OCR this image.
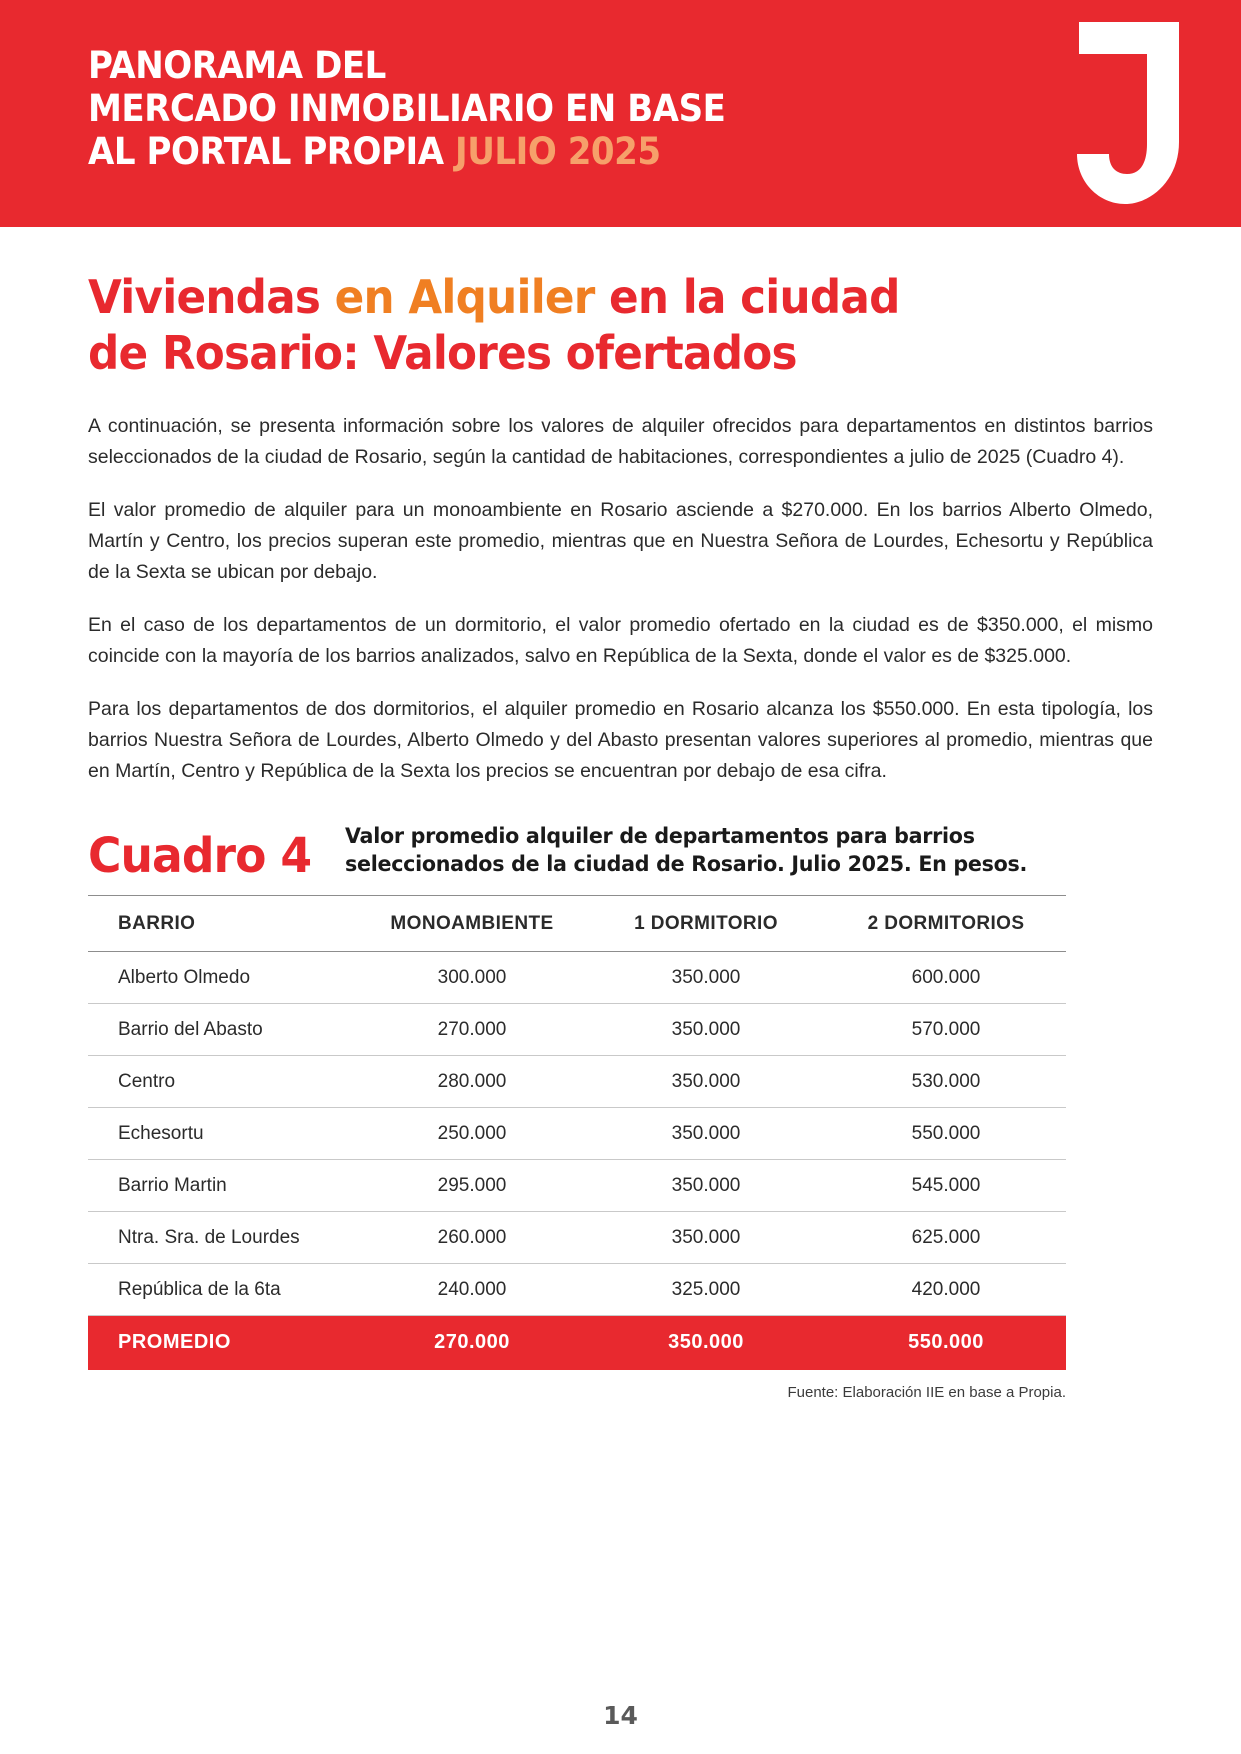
PANORAMA DEL
MERCADO INMOBILIARIO EN BASE
AL PORTAL PROPIA JULIO 2025
Viviendas en Alquiler en la ciudad
de Rosario: Valores ofertados

A continuación, se presenta información sobre los valores de alquiler ofrecidos para departamentos en distintos barrios seleccionados de la ciudad de Rosario, según la cantidad de habitaciones, correspondientes a julio de 2025 (Cuadro 4).

El valor promedio de alquiler para un monoambiente en Rosario asciende a $270.000. En los barrios Alberto Olmedo, Martín y Centro, los precios superan este promedio, mientras que en Nuestra Señora de Lourdes, Echesortu y República de la Sexta se ubican por debajo.

En el caso de los departamentos de un dormitorio, el valor promedio ofertado en la ciudad es de $350.000, el mismo coincide con la mayoría de los barrios analizados, salvo en República de la Sexta, donde el valor es de $325.000.

Para los departamentos de dos dormitorios, el alquiler promedio en Rosario alcanza los $550.000. En esta tipología, los barrios Nuestra Señora de Lourdes, Alberto Olmedo y del Abasto presentan valores superiores al promedio, mientras que en Martín, Centro y República de la Sexta los precios se encuentran por debajo de esa cifra.

Cuadro 4 Valor promedio alquiler de departamentos para barrios
seleccionados de la ciudad de Rosario. Julio 2025. En pesos.
BARRIO	MONOAMBIENTE	1 DORMITORIO	2 DORMITORIOS
Alberto Olmedo	300.000	350.000	600.000
Barrio del Abasto	270.000	350.000	570.000
Centro	280.000	350.000	530.000
Echesortu	250.000	350.000	550.000
Barrio Martin	295.000	350.000	545.000
Ntra. Sra. de Lourdes	260.000	350.000	625.000
República de la 6ta	240.000	325.000	420.000
PROMEDIO	270.000	350.000	550.000
Fuente: Elaboración IIE en base a Propia.
14
